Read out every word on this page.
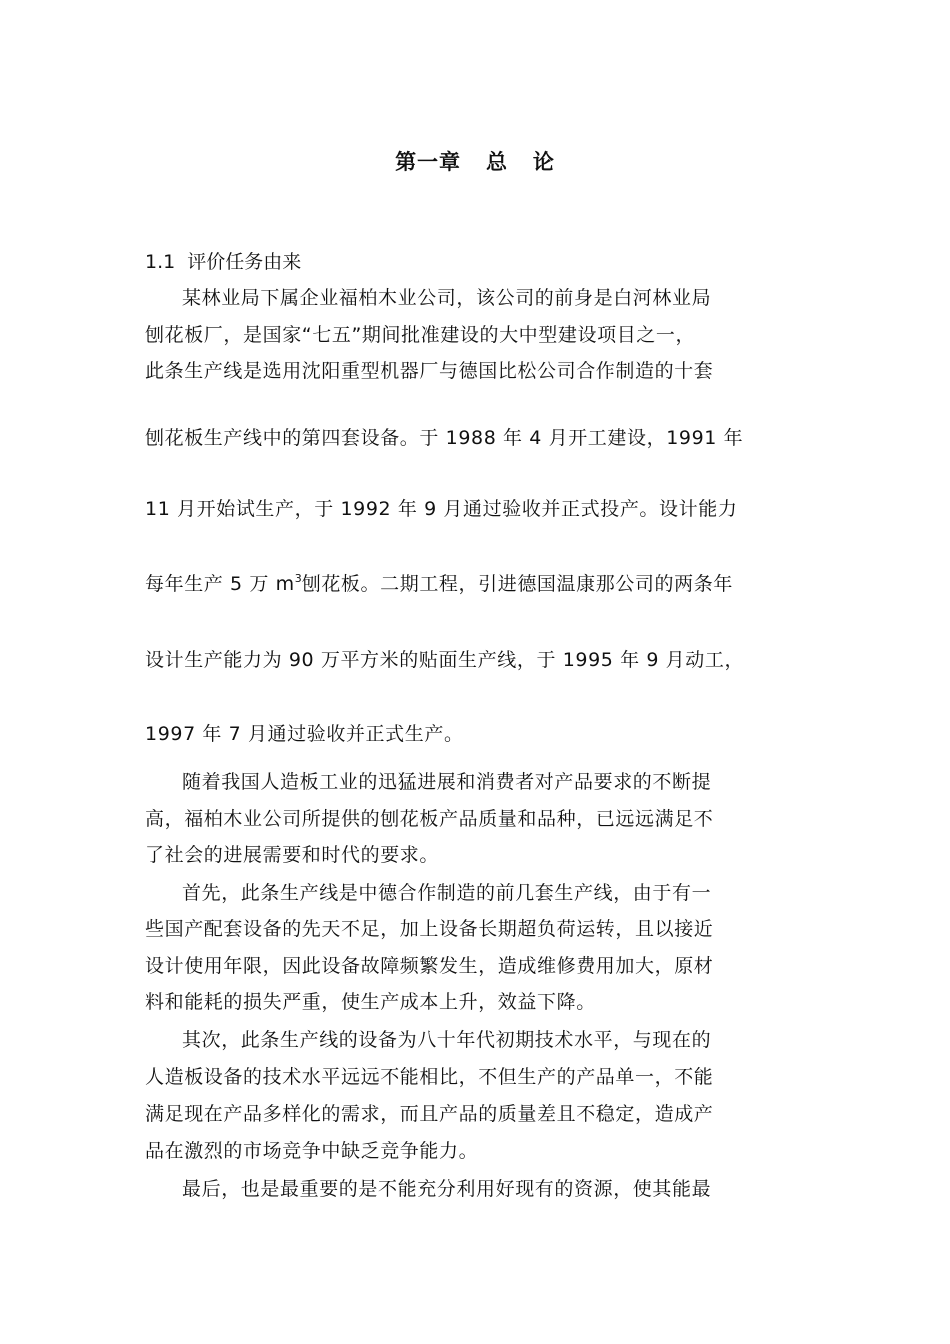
第一章   总   论
1.1  评价任务由来
某林业局下属企业福柏木业公司，该公司的前身是白河林业局
刨花板厂，是国家“七五”期间批准建设的大中型建设项目之一，
此条生产线是选用沈阳重型机器厂与德国比松公司合作制造的十套
刨花板生产线中的第四套设备。于 1988 年 4 月开工建设，1991 年
11 月开始试生产，于 1992 年 9 月通过验收并正式投产。设计能力
每年生产 5 万 $m^3$刨花板。二期工程，引进德国温康那公司的两条年
设计生产能力为 90 万平方米的贴面生产线，于 1995 年 9 月动工，
1997 年 7 月通过验收并正式生产。
随着我国人造板工业的迅猛进展和消费者对产品要求的不断提
高，福柏木业公司所提供的刨花板产品质量和品种，已远远满足不
了社会的进展需要和时代的要求。
首先，此条生产线是中德合作制造的前几套生产线，由于有一
些国产配套设备的先天不足，加上设备长期超负荷运转，且以接近
设计使用年限，因此设备故障频繁发生，造成维修费用加大，原材
料和能耗的损失严重，使生产成本上升，效益下降。
其次，此条生产线的设备为八十年代初期技术水平，与现在的
人造板设备的技术水平远远不能相比，不但生产的产品单一，不能
满足现在产品多样化的需求，而且产品的质量差且不稳定，造成产
品在激烈的市场竞争中缺乏竞争能力。
最后，也是最重要的是不能充分利用好现有的资源，使其能最
